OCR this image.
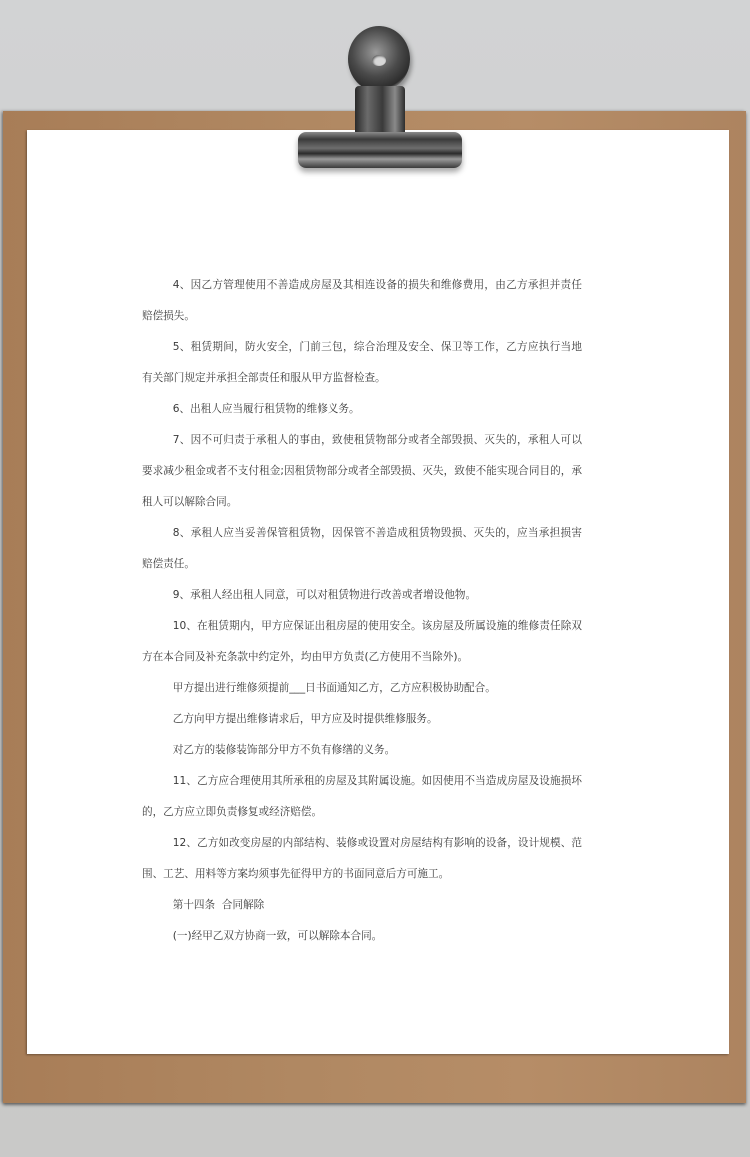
4、因乙方管理使用不善造成房屋及其相连设备的损失和维修费用，由乙方承担并责任赔偿损失。

5、租赁期间，防火安全，门前三包，综合治理及安全、保卫等工作，乙方应执行当地有关部门规定并承担全部责任和服从甲方监督检查。

6、出租人应当履行租赁物的维修义务。

7、因不可归责于承租人的事由，致使租赁物部分或者全部毁损、灭失的，承租人可以要求减少租金或者不支付租金;因租赁物部分或者全部毁损、灭失，致使不能实现合同目的，承租人可以解除合同。

8、承租人应当妥善保管租赁物，因保管不善造成租赁物毁损、灭失的，应当承担损害赔偿责任。

9、承租人经出租人同意，可以对租赁物进行改善或者增设他物。

10、在租赁期内，甲方应保证出租房屋的使用安全。该房屋及所属设施的维修责任除双方在本合同及补充条款中约定外，均由甲方负责(乙方使用不当除外)。

甲方提出进行维修须提前___日书面通知乙方，乙方应积极协助配合。

乙方向甲方提出维修请求后，甲方应及时提供维修服务。

对乙方的装修装饰部分甲方不负有修缮的义务。

11、乙方应合理使用其所承租的房屋及其附属设施。如因使用不当造成房屋及设施损坏的，乙方应立即负责修复或经济赔偿。

12、乙方如改变房屋的内部结构、装修或设置对房屋结构有影响的设备，设计规模、范围、工艺、用料等方案均须事先征得甲方的书面同意后方可施工。

第十四条  合同解除

(一)经甲乙双方协商一致，可以解除本合同。
